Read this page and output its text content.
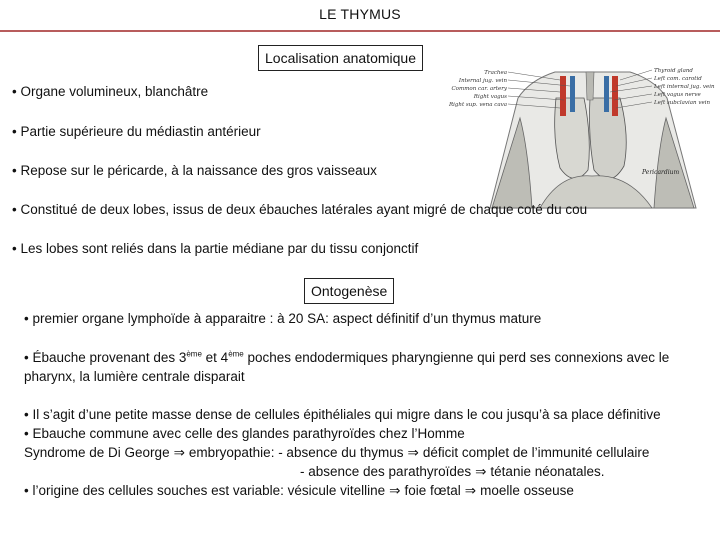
LE THYMUS
Localisation anatomique
• Organe volumineux, blanchâtre
• Partie supérieure du médiastin antérieur
• Repose sur le péricarde, à la naissance des gros vaisseaux
• Constitué de deux lobes, issus de deux ébauches latérales ayant migré de chaque coté du cou
• Les lobes sont reliés dans la partie médiane par du tissu conjonctif
Trachea
Internal jug. vein
Common car. artery
Right vagus
Right sup. vena cava
Thyroid gland
Left com. carotid
Left internal jug. vein
Left vagus nerve
Left subclavian vein
Pericardium
Ontogenèse

• premier organe lymphoïde à apparaitre : à 20 SA: aspect définitif d’un thymus mature

• Ébauche provenant des 3ème et 4ème poches endodermiques pharyngienne qui perd ses connexions avec le pharynx, la lumière centrale disparait

• Il s’agit d’une petite masse dense de cellules épithéliales qui migre dans le cou jusqu’à sa place définitive

• Ebauche commune avec celle des glandes parathyroïdes chez l’Homme

Syndrome de Di George ⇒ embryopathie: - absence du thymus ⇒ déficit complet de l’immunité cellulaire

- absence des parathyroïdes ⇒ tétanie néonatales.

• l’origine des cellules souches est variable: vésicule vitelline ⇒ foie fœtal ⇒ moelle osseuse
